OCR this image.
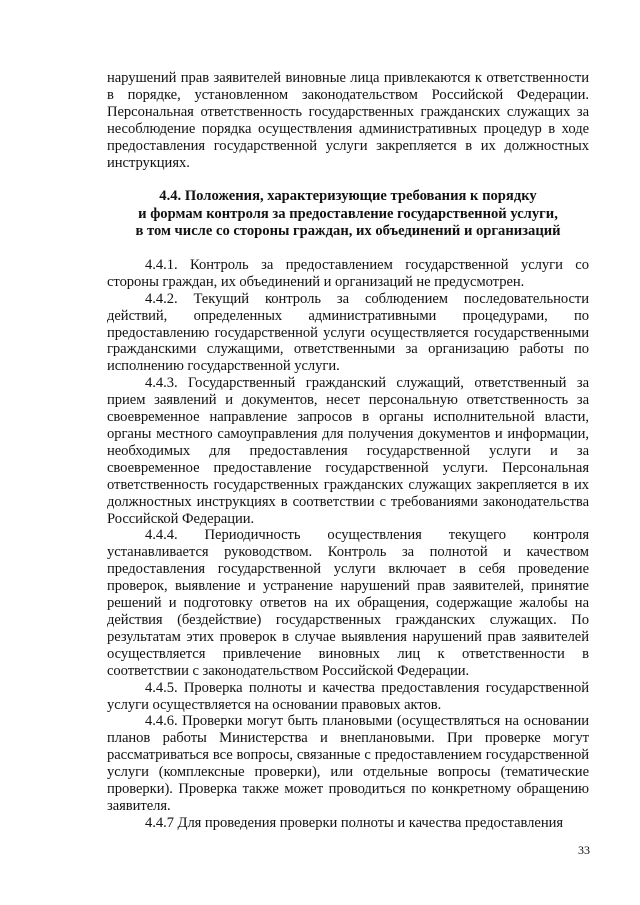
нарушений прав заявителей виновные лица привлекаются к ответственности в порядке, установленном законодательством Российской Федерации. Персональная ответственность государственных гражданских служащих за несоблюдение порядка осуществления административных процедур в ходе предоставления государственной услуги закрепляется в их должностных инструкциях.

4.4. Положения, характеризующие требования к порядку
и формам контроля за предоставление государственной услуги,
в том числе со стороны граждан, их объединений и организаций

4.4.1. Контроль за предоставлением государственной услуги со стороны граждан, их объединений и организаций не предусмотрен.

4.4.2. Текущий контроль за соблюдением последовательности действий, определенных административными процедурами, по предоставлению государственной услуги осуществляется государственными гражданскими служащими, ответственными за организацию работы по исполнению государственной услуги.

4.4.3. Государственный гражданский служащий, ответственный за прием заявлений и документов, несет персональную ответственность за своевременное направление запросов в органы исполнительной власти, органы местного самоуправления для получения документов и информации, необходимых для предоставления государственной услуги и за своевременное предоставление государственной услуги. Персональная ответственность государственных гражданских служащих закрепляется в их должностных инструкциях в соответствии с требованиями законодательства Российской Федерации.

4.4.4. Периодичность осуществления текущего контроля устанавливается руководством. Контроль за полнотой и качеством предоставления государственной услуги включает в себя проведение проверок, выявление и устранение нарушений прав заявителей, принятие решений и подготовку ответов на их обращения, содержащие жалобы на действия (бездействие) государственных гражданских служащих. По результатам этих проверок в случае выявления нарушений прав заявителей осуществляется привлечение виновных лиц к ответственности в соответствии с законодательством Российской Федерации.

4.4.5. Проверка полноты и качества предоставления государственной услуги осуществляется на основании правовых актов.

4.4.6. Проверки могут быть плановыми (осуществляться на основании планов работы Министерства и внеплановыми. При проверке могут рассматриваться все вопросы, связанные с предоставлением государственной услуги (комплексные проверки), или отдельные вопросы (тематические проверки). Проверка также может проводиться по конкретному обращению заявителя.

4.4.7 Для проведения проверки полноты и качества предоставления

33
